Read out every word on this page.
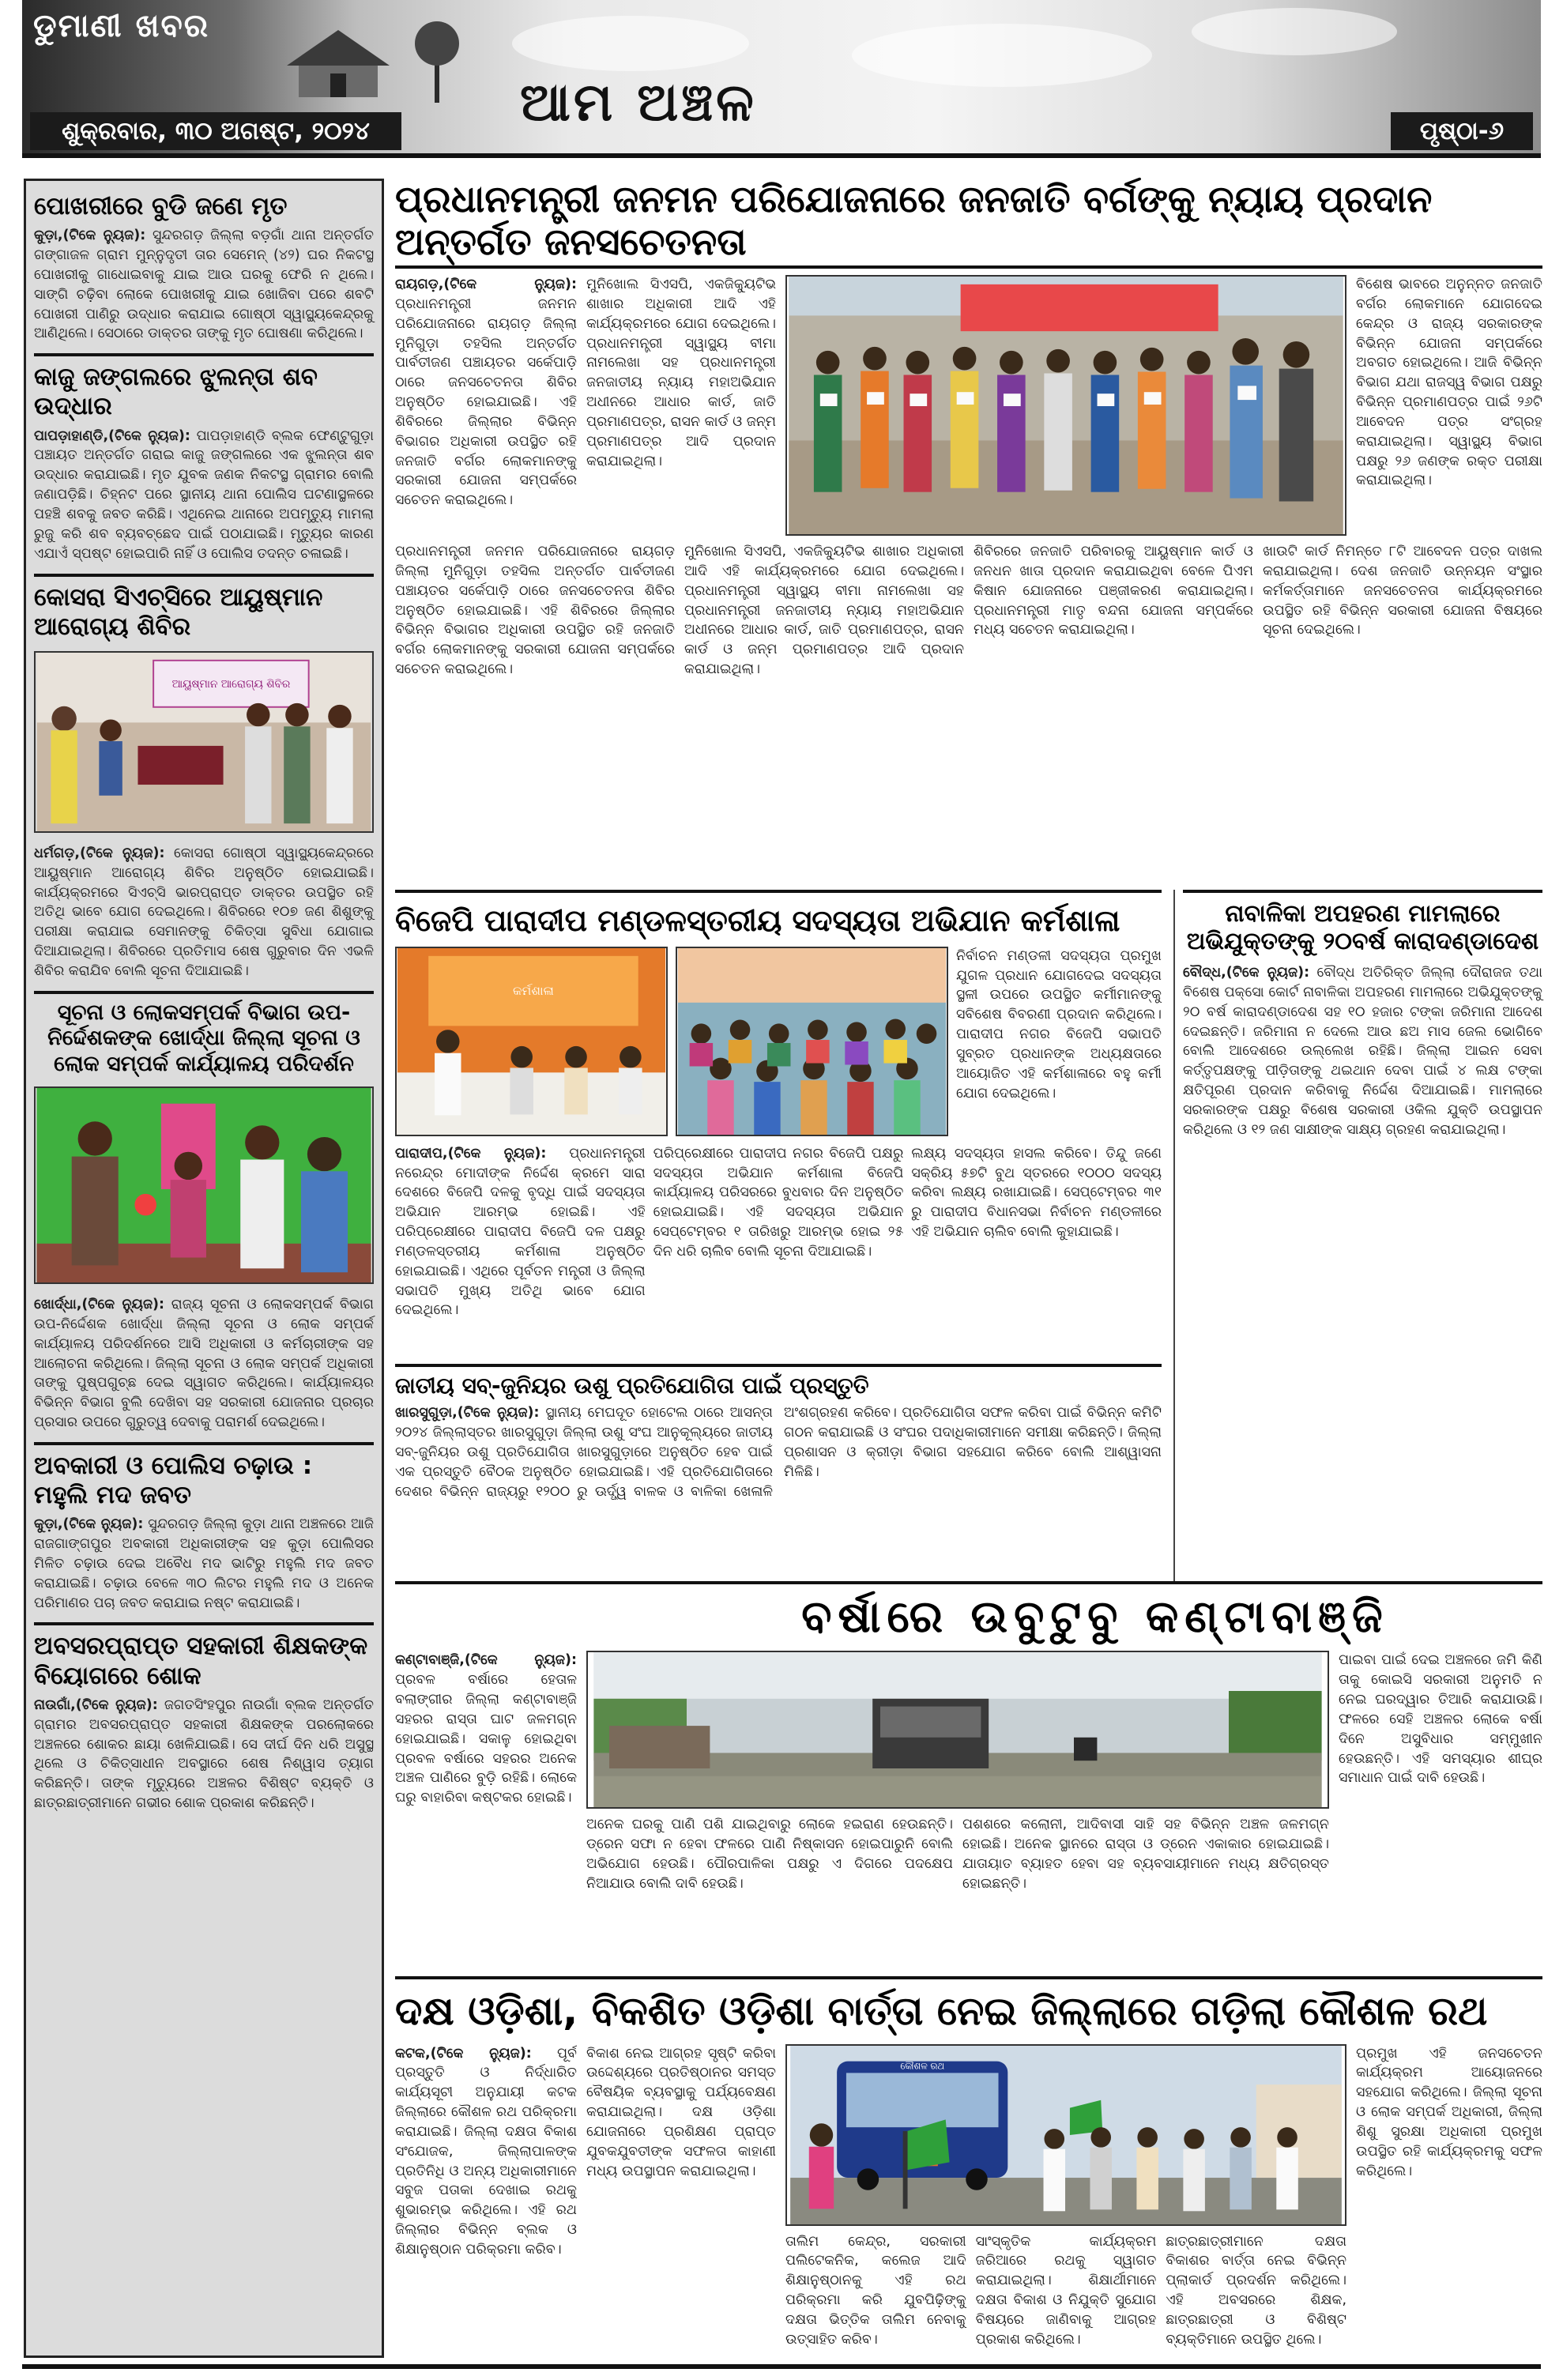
ଡୁମାଣୀ ଖବର
ଶୁକ୍ରବାର, ୩୦ ଅଗଷ୍ଟ, ୨୦୨୪	ଆମ ଅଞ୍ଚଳ	ପୃଷ୍ଠା-୬
ପୋଖରୀରେ ବୁଡି ଜଣେ ମୃତ

କୁଡ଼ା,(ଟିକେ ନ୍ୟୁଜ): ସୁନ୍ଦରଗଡ଼ ଜିଲ୍ଲା ବଡ଼ଗାଁ ଥାନା ଅନ୍ତର୍ଗତ ଗଙ୍ଗାଜଳ ଗ୍ରାମ ମୁନ୍ନୁଦୃତୀ ତାର ସେମେନ୍ (୪୨) ଘର ନିକଟସ୍ଥ ପୋଖରୀକୁ ଗାଧୋଇବାକୁ ଯାଇ ଆଉ ଘରକୁ ଫେରି ନ ଥିଲେ। ସାଙ୍ଗି ଚଢ଼ିବା ଲୋକେ ପୋଖରୀକୁ ଯାଇ ଖୋଜିବା ପରେ ଶବଟି ପୋଖରୀ ପାଣିରୁ ଉଦ୍ଧାର କରାଯାଇ ଗୋଷ୍ଠୀ ସ୍ୱାସ୍ଥ୍ୟକେନ୍ଦ୍ରକୁ ଆଣିଥିଲେ। ସେଠାରେ ଡାକ୍ତର ତାଙ୍କୁ ମୃତ ଘୋଷଣା କରିଥିଲେ।

କାଜୁ ଜଙ୍ଗଲରେ ଝୁଲନ୍ତା ଶବ ଉଦ୍ଧାର

ପାପଡ଼ାହାଣ୍ଡି,(ଟିକେ ନ୍ୟୁଜ): ପାପଡ଼ାହାଣ୍ଡି ବ୍ଲକ ଫେଣ୍ଟୁଗୁଡ଼ା ପଞ୍ଚାୟତ ଅନ୍ତର୍ଗତ ଗରାଇ କାଜୁ ଜଙ୍ଗଲରେ ଏକ ଝୁଲନ୍ତା ଶବ ଉଦ୍ଧାର କରାଯାଇଛି। ମୃତ ଯୁବକ ଜଣକ ନିକଟସ୍ଥ ଗ୍ରାମର ବୋଲି ଜଣାପଡ଼ିଛି। ଚିହ୍ନଟ ପରେ ସ୍ଥାନୀୟ ଥାନା ପୋଲିସ ଘଟଣାସ୍ଥଳରେ ପହଞ୍ଚି ଶବକୁ ଜବତ କରିଛି। ଏଥିନେଇ ଥାନାରେ ଅପମୃତ୍ୟୁ ମାମଲା ରୁଜୁ କରି ଶବ ବ୍ୟବଚ୍ଛେଦ ପାଇଁ ପଠାଯାଇଛି। ମୃତ୍ୟୁର କାରଣ ଏଯାଏଁ ସ୍ପଷ୍ଟ ହୋଇପାରି ନାହିଁ ଓ ପୋଲିସ ତଦନ୍ତ ଚଳାଇଛି।

କୋସରା ସିଏଚ୍‌ସିରେ ଆୟୁଷ୍ମାନ ଆରୋଗ୍ୟ ଶିବିର
ଆୟୁଷ୍ମାନ ଆରୋଗ୍ୟ ଶିବିର

ଧର୍ମଗଡ଼,(ଟିକେ ନ୍ୟୁଜ): କୋସରା ଗୋଷ୍ଠୀ ସ୍ୱାସ୍ଥ୍ୟକେନ୍ଦ୍ରରେ ଆୟୁଷ୍ମାନ ଆରୋଗ୍ୟ ଶିବିର ଅନୁଷ୍ଠିତ ହୋଇଯାଇଛି। କାର୍ଯ୍ୟକ୍ରମରେ ସିଏଚ୍‌ସି ଭାରପ୍ରାପ୍ତ ଡାକ୍ତର ଉପସ୍ଥିତ ରହି ଅତିଥି ଭାବେ ଯୋଗ ଦେଇଥିଲେ। ଶିବିରରେ ୧୦୭ ଜଣ ଶିଶୁଙ୍କୁ ପରୀକ୍ଷା କରାଯାଇ ସେମାନଙ୍କୁ ଚିକିତ୍ସା ସୁବିଧା ଯୋଗାଇ ଦିଆଯାଇଥିଲା। ଶିବିରରେ ପ୍ରତିମାସ ଶେଷ ଗୁରୁବାର ଦିନ ଏଭଳି ଶିବିର କରାଯିବ ବୋଲି ସୂଚନା ଦିଆଯାଇଛି।

ସୂଚନା ଓ ଲୋକସମ୍ପର୍କ ବିଭାଗ ଉପ-ନିର୍ଦ୍ଦେଶକଙ୍କ ଖୋର୍ଦ୍ଧା ଜିଲ୍ଲା ସୂଚନା ଓ ଲୋକ ସମ୍ପର୍କ କାର୍ଯ୍ୟାଳୟ ପରିଦର୍ଶନ

ଖୋର୍ଦ୍ଧା,(ଟିକେ ନ୍ୟୁଜ): ରାଜ୍ୟ ସୂଚନା ଓ ଲୋକସମ୍ପର୍କ ବିଭାଗ ଉପ-ନିର୍ଦ୍ଦେଶକ ଖୋର୍ଦ୍ଧା ଜିଲ୍ଲା ସୂଚନା ଓ ଲୋକ ସମ୍ପର୍କ କାର୍ଯ୍ୟାଳୟ ପରିଦର୍ଶନରେ ଆସି ଅଧିକାରୀ ଓ କର୍ମଚାରୀଙ୍କ ସହ ଆଲୋଚନା କରିଥିଲେ। ଜିଲ୍ଲା ସୂଚନା ଓ ଲୋକ ସମ୍ପର୍କ ଅଧିକାରୀ ତାଙ୍କୁ ପୁଷ୍ପଗୁଚ୍ଛ ଦେଇ ସ୍ୱାଗତ କରିଥିଲେ। କାର୍ଯ୍ୟାଳୟର ବିଭିନ୍ନ ବିଭାଗ ବୁଲି ଦେଖିବା ସହ ସରକାରୀ ଯୋଜନାର ପ୍ରଚାର ପ୍ରସାର ଉପରେ ଗୁରୁତ୍ୱ ଦେବାକୁ ପରାମର୍ଶ ଦେଇଥିଲେ।

ଅବକାରୀ ଓ ପୋଲିସ ଚଢ଼ାଉ : ମହୁଲି ମଦ ଜବତ

କୁଡ଼ା,(ଟିକେ ନ୍ୟୁଜ): ସୁନ୍ଦରଗଡ଼ ଜିଲ୍ଲା କୁଡ଼ା ଥାନା ଅଞ୍ଚଳରେ ଆଜି ରାଜଗାଙ୍ଗପୁର ଅବକାରୀ ଅଧିକାରୀଙ୍କ ସହ କୁଡ଼ା ପୋଲିସର ମିଳିତ ଚଢ଼ାଉ ଦେଇ ଅବୈଧ ମଦ ଭାଟିରୁ ମହୁଲି ମଦ ଜବତ କରାଯାଇଛି। ଚଢ଼ାଉ ବେଳେ ୩୦ ଲିଟର ମହୁଲି ମଦ ଓ ଅନେକ ପରିମାଣର ପଚା ଜବତ କରାଯାଇ ନଷ୍ଟ କରାଯାଇଛି।

ଅବସରପ୍ରାପ୍ତ ସହକାରୀ ଶିକ୍ଷକଙ୍କ ବିୟୋଗରେ ଶୋକ

ନାଉଗାଁ,(ଟିକେ ନ୍ୟୁଜ): ଜଗତସିଂହପୁର ନାଉଗାଁ ବ୍ଲକ ଅନ୍ତର୍ଗତ ଗ୍ରାମର ଅବସରପ୍ରାପ୍ତ ସହକାରୀ ଶିକ୍ଷକଙ୍କ ପରଲୋକରେ ଅଞ୍ଚଳରେ ଶୋକର ଛାୟା ଖେଳିଯାଇଛି। ସେ ଦୀର୍ଘ ଦିନ ଧରି ଅସୁସ୍ଥ ଥିଲେ ଓ ଚିକିତ୍ସାଧୀନ ଅବସ୍ଥାରେ ଶେଷ ନିଶ୍ୱାସ ତ୍ୟାଗ କରିଛନ୍ତି। ତାଙ୍କ ମୃତ୍ୟୁରେ ଅଞ୍ଚଳର ବିଶିଷ୍ଟ ବ୍ୟକ୍ତି ଓ ଛାତ୍ରଛାତ୍ରୀମାନେ ଗଭୀର ଶୋକ ପ୍ରକାଶ କରିଛନ୍ତି।

ପ୍ରଧାନମନ୍ତ୍ରୀ ଜନମନ ପରିଯୋଜନାରେ ଜନଜାତି ବର୍ଗଙ୍କୁ ନ୍ୟାୟ ପ୍ରଦାନ ଅନ୍ତର୍ଗତ ଜନସଚେତନତା

ରାୟଗଡ଼,(ଟିକେ ନ୍ୟୁଜ): ପ୍ରଧାନମନ୍ତ୍ରୀ ଜନମନ ପରିଯୋଜନାରେ ରାୟଗଡ଼ ଜିଲ୍ଲା ମୁନିଗୁଡ଼ା ତହସିଲ ଅନ୍ତର୍ଗତ ପାର୍ବତୀଜଣ ପଞ୍ଚାୟତର ସର୍କେପାଡ଼ି ଠାରେ ଜନସଚେତନତା ଶିବିର ଅନୁଷ୍ଠିତ ହୋଇଯାଇଛି। ଏହି ଶିବିରରେ ଜିଲ୍ଲାର ବିଭିନ୍ନ ବିଭାଗର ଅଧିକାରୀ ଉପସ୍ଥିତ ରହି ଜନଜାତି ବର୍ଗର ଲୋକମାନଙ୍କୁ ସରକାରୀ ଯୋଜନା ସମ୍ପର୍କରେ ସଚେତନ କରାଇଥିଲେ।

ମୁନିଖୋଲ ସିଏସପି, ଏକଜିକ୍ୟୁଟିଭ ଶାଖାର ଅଧିକାରୀ ଆଦି ଏହି କାର୍ଯ୍ୟକ୍ରମରେ ଯୋଗ ଦେଇଥିଲେ। ପ୍ରଧାନମନ୍ତ୍ରୀ ସ୍ୱାସ୍ଥ୍ୟ ବୀମା ନାମଲେଖା ସହ ପ୍ରଧାନମନ୍ତ୍ରୀ ଜନଜାତୀୟ ନ୍ୟାୟ ମହାଅଭିଯାନ ଅଧୀନରେ ଆଧାର କାର୍ଡ, ଜାତି ପ୍ରମାଣପତ୍ର, ରାସନ କାର୍ଡ ଓ ଜନ୍ମ ପ୍ରମାଣପତ୍ର ଆଦି ପ୍ରଦାନ କରାଯାଇଥିଲା।

ବିଶେଷ ଭାବରେ ଅନୁନ୍ନତ ଜନଜାତି ବର୍ଗର ଲୋକମାନେ ଯୋଗଦେଇ କେନ୍ଦ୍ର ଓ ରାଜ୍ୟ ସରକାରଙ୍କ ବିଭିନ୍ନ ଯୋଜନା ସମ୍ପର୍କରେ ଅବଗତ ହୋଇଥିଲେ। ଆଜି ବିଭିନ୍ନ ବିଭାଗ ଯଥା ରାଜସ୍ୱ ବିଭାଗ ପକ୍ଷରୁ ବିଭିନ୍ନ ପ୍ରମାଣପତ୍ର ପାଇଁ ୨୬ଟି ଆବେଦନ ପତ୍ର ସଂଗ୍ରହ କରାଯାଇଥିଲା। ସ୍ୱାସ୍ଥ୍ୟ ବିଭାଗ ପକ୍ଷରୁ ୨୬ ଜଣଙ୍କ ରକ୍ତ ପରୀକ୍ଷା କରାଯାଇଥିଲା।

ପ୍ରଧାନମନ୍ତ୍ରୀ ଜନମନ ପରିଯୋଜନାରେ ରାୟଗଡ଼ ଜିଲ୍ଲା ମୁନିଗୁଡ଼ା ତହସିଲ ଅନ୍ତର୍ଗତ ପାର୍ବତୀଜଣ ପଞ୍ଚାୟତର ସର୍କେପାଡ଼ି ଠାରେ ଜନସଚେତନତା ଶିବିର ଅନୁଷ୍ଠିତ ହୋଇଯାଇଛି। ଏହି ଶିବିରରେ ଜିଲ୍ଲାର ବିଭିନ୍ନ ବିଭାଗର ଅଧିକାରୀ ଉପସ୍ଥିତ ରହି ଜନଜାତି ବର୍ଗର ଲୋକମାନଙ୍କୁ ସରକାରୀ ଯୋଜନା ସମ୍ପର୍କରେ ସଚେତନ କରାଇଥିଲେ।

ମୁନିଖୋଲ ସିଏସପି, ଏକଜିକ୍ୟୁଟିଭ ଶାଖାର ଅଧିକାରୀ ଆଦି ଏହି କାର୍ଯ୍ୟକ୍ରମରେ ଯୋଗ ଦେଇଥିଲେ। ପ୍ରଧାନମନ୍ତ୍ରୀ ସ୍ୱାସ୍ଥ୍ୟ ବୀମା ନାମଲେଖା ସହ ପ୍ରଧାନମନ୍ତ୍ରୀ ଜନଜାତୀୟ ନ୍ୟାୟ ମହାଅଭିଯାନ ଅଧୀନରେ ଆଧାର କାର୍ଡ, ଜାତି ପ୍ରମାଣପତ୍ର, ରାସନ କାର୍ଡ ଓ ଜନ୍ମ ପ୍ରମାଣପତ୍ର ଆଦି ପ୍ରଦାନ କରାଯାଇଥିଲା।

ଶିବିରରେ ଜନଜାତି ପରିବାରକୁ ଆୟୁଷ୍ମାନ କାର୍ଡ ଓ ଜନଧନ ଖାତା ପ୍ରଦାନ କରାଯାଇଥିବା ବେଳେ ପିଏମ କିଷାନ ଯୋଜନାରେ ପଞ୍ଜୀକରଣ କରାଯାଇଥିଲା। ପ୍ରଧାନମନ୍ତ୍ରୀ ମାତୃ ବନ୍ଦନା ଯୋଜନା ସମ୍ପର୍କରେ ମଧ୍ୟ ସଚେତନ କରାଯାଇଥିଲା।

ଖାଉଟି କାର୍ଡ ନିମନ୍ତେ ୮ଟି ଆବେଦନ ପତ୍ର ଦାଖଲ କରାଯାଇଥିଲା। ଦେଶ ଜନଜାତି ଉନ୍ନୟନ ସଂସ୍ଥାର କର୍ମକର୍ତ୍ତାମାନେ ଜନସଚେତନତା କାର୍ଯ୍ୟକ୍ରମରେ ଉପସ୍ଥିତ ରହି ବିଭିନ୍ନ ସରକାରୀ ଯୋଜନା ବିଷୟରେ ସୂଚନା ଦେଇଥିଲେ।

ବିଜେପି ପାରାଦୀପ ମଣ୍ଡଳସ୍ତରୀୟ ସଦସ୍ୟତା ଅଭିଯାନ କର୍ମଶାଳା
କର୍ମଶାଳା

ନିର୍ବାଚନ ମଣ୍ଡଳୀ ସଦସ୍ୟତା ପ୍ରମୁଖ ଯୁଗଳ ପ୍ରଧାନ ଯୋଗଦେଇ ସଦସ୍ୟତା ସ୍ଥଳୀ ଉପରେ ଉପସ୍ଥିତ କର୍ମୀମାନଙ୍କୁ ସବିଶେଷ ବିବରଣୀ ପ୍ରଦାନ କରିଥିଲେ। ପାରାଦୀପ ନଗର ବିଜେପି ସଭାପତି ସୁବ୍ରତ ପ୍ରଧାନଙ୍କ ଅଧ୍ୟକ୍ଷତାରେ ଆୟୋଜିତ ଏହି କର୍ମଶାଳାରେ ବହୁ କର୍ମୀ ଯୋଗ ଦେଇଥିଲେ।

ପାରାଦୀପ,(ଟିକେ ନ୍ୟୁଜ): ପ୍ରଧାନମନ୍ତ୍ରୀ ନରେନ୍ଦ୍ର ମୋଦୀଙ୍କ ନିର୍ଦ୍ଦେଶ କ୍ରମେ ସାରା ଦେଶରେ ବିଜେପି ଦଳକୁ ବୃଦ୍ଧି ପାଇଁ ସଦସ୍ୟତା ଅଭିଯାନ ଆରମ୍ଭ ହୋଇଛି। ଏହି ପରିପ୍ରେକ୍ଷୀରେ ପାରାଦୀପ ବିଜେପି ଦଳ ପକ୍ଷରୁ ମଣ୍ଡଳସ୍ତରୀୟ କର୍ମଶାଳା ଅନୁଷ୍ଠିତ ହୋଇଯାଇଛି। ଏଥିରେ ପୂର୍ବତନ ମନ୍ତ୍ରୀ ଓ ଜିଲ୍ଲା ସଭାପତି ମୁଖ୍ୟ ଅତିଥି ଭାବେ ଯୋଗ ଦେଇଥିଲେ।

ପରିପ୍ରେକ୍ଷୀରେ ପାରାଦୀପ ନଗର ବିଜେପି ପକ୍ଷରୁ ସଦସ୍ୟତା ଅଭିଯାନ କର୍ମଶାଳା ବିଜେପି କାର୍ଯ୍ୟାଳୟ ପରିସରରେ ବୁଧବାର ଦିନ ଅନୁଷ୍ଠିତ ହୋଇଯାଇଛି। ଏହି ସଦସ୍ୟତା ଅଭିଯାନ ସେପ୍ଟେମ୍ବର ୧ ତାରିଖରୁ ଆରମ୍ଭ ହୋଇ ୨୫ ଦିନ ଧରି ଚାଲିବ ବୋଲି ସୂଚନା ଦିଆଯାଇଛି।

ଲକ୍ଷ୍ୟ ସଦସ୍ୟତା ହାସଲ କରିବେ। ତିନ୍ଦୁ ଜଣେ ସକ୍ରିୟ ୫୭ଟି ବୁଥ ସ୍ତରରେ ୧୦୦୦ ସଦସ୍ୟ କରିବା ଲକ୍ଷ୍ୟ ରଖାଯାଇଛି। ସେପ୍ଟେମ୍ବର ୩୧ ରୁ ପାରାଦୀପ ବିଧାନସଭା ନିର୍ବାଚନ ମଣ୍ଡଳୀରେ ଏହି ଅଭିଯାନ ଚାଲିବ ବୋଲି କୁହାଯାଇଛି।

ନାବାଳିକା ଅପହରଣ ମାମଲାରେ ଅଭିଯୁକ୍ତଙ୍କୁ ୨୦ବର୍ଷ କାରାଦଣ୍ଡାଦେଶ

ବୌଦ୍ଧ,(ଟିକେ ନ୍ୟୁଜ): ବୌଦ୍ଧ ଅତିରିକ୍ତ ଜିଲ୍ଲା ଦୌରାଜଜ ତଥା ବିଶେଷ ପକ୍ସୋ କୋର୍ଟ ନାବାଳିକା ଅପହରଣ ମାମଲାରେ ଅଭିଯୁକ୍ତଙ୍କୁ ୨୦ ବର୍ଷ କାରାଦଣ୍ଡାଦେଶ ସହ ୧୦ ହଜାର ଟଙ୍କା ଜରିମାନା ଆଦେଶ ଦେଇଛନ୍ତି। ଜରିମାନା ନ ଦେଲେ ଆଉ ଛଅ ମାସ ଜେଲ ଭୋଗିବେ ବୋଲି ଆଦେଶରେ ଉଲ୍ଲେଖ ରହିଛି। ଜିଲ୍ଲା ଆଇନ ସେବା କର୍ତ୍ତୃପକ୍ଷଙ୍କୁ ପୀଡ଼ିତାଙ୍କୁ ଥଇଥାନ ଦେବା ପାଇଁ ୪ ଲକ୍ଷ ଟଙ୍କା କ୍ଷତିପୂରଣ ପ୍ରଦାନ କରିବାକୁ ନିର୍ଦ୍ଦେଶ ଦିଆଯାଇଛି। ମାମଲାରେ ସରକାରଙ୍କ ପକ୍ଷରୁ ବିଶେଷ ସରକାରୀ ଓକିଲ ଯୁକ୍ତି ଉପସ୍ଥାପନ କରିଥିଲେ ଓ ୧୨ ଜଣ ସାକ୍ଷୀଙ୍କ ସାକ୍ଷ୍ୟ ଗ୍ରହଣ କରାଯାଇଥିଲା।

ଜାତୀୟ ସବ୍-ଜୁନିୟର ଉଶୁ ପ୍ରତିଯୋଗିତା ପାଇଁ ପ୍ରସ୍ତୁତି

ଖାରସୁଗୁଡ଼ା,(ଟିକେ ନ୍ୟୁଜ): ସ୍ଥାନୀୟ ମେଘଦୂତ ହୋଟେଲ ଠାରେ ଆସନ୍ତା ୨୦୨୪ ଜିଲ୍ଲାସ୍ତର ଖାରସୁଗୁଡ଼ା ଜିଲ୍ଲା ଉଶୁ ସଂଘ ଆନୁକୂଲ୍ୟରେ ଜାତୀୟ ସବ୍-ଜୁନିୟର ଉଶୁ ପ୍ରତିଯୋଗିତା ଖାରସୁଗୁଡ଼ାରେ ଅନୁଷ୍ଠିତ ହେବ ପାଇଁ ଏକ ପ୍ରସ୍ତୁତି ବୈଠକ ଅନୁଷ୍ଠିତ ହୋଇଯାଇଛି। ଏହି ପ୍ରତିଯୋଗିତାରେ ଦେଶର ବିଭିନ୍ନ ରାଜ୍ୟରୁ ୧୨୦୦ ରୁ ଊର୍ଦ୍ଧ୍ୱ ବାଳକ ଓ ବାଳିକା ଖେଳାଳି ଅଂଶଗ୍ରହଣ କରିବେ। ପ୍ରତିଯୋଗିତା ସଫଳ କରିବା ପାଇଁ ବିଭିନ୍ନ କମିଟି ଗଠନ କରାଯାଇଛି ଓ ସଂଘର ପଦାଧିକାରୀମାନେ ସମୀକ୍ଷା କରିଛନ୍ତି। ଜିଲ୍ଲା ପ୍ରଶାସନ ଓ କ୍ରୀଡ଼ା ବିଭାଗ ସହଯୋଗ କରିବେ ବୋଲି ଆଶ୍ୱାସନା ମିଳିଛି।

ବର୍ଷାରେ ଉବୁଟୁବୁ କଣ୍ଟାବାଞ୍ଜି

କଣ୍ଟାବାଞ୍ଜି,(ଟିକେ ନ୍ୟୁଜ): ପ୍ରବଳ ବର୍ଷାରେ ହେତାଳ ବଲାଙ୍ଗୀର ଜିଲ୍ଲା କଣ୍ଟାବାଞ୍ଜି ସହରର ରାସ୍ତା ଘାଟ ଜଳମଗ୍ନ ହୋଇଯାଇଛି। ସକାଳୁ ହୋଇଥିବା ପ୍ରବଳ ବର୍ଷାରେ ସହରର ଅନେକ ଅଞ୍ଚଳ ପାଣିରେ ବୁଡ଼ି ରହିଛି। ଲୋକେ ଘରୁ ବାହାରିବା କଷ୍ଟକର ହୋଇଛି।

ଅନେକ ଘରକୁ ପାଣି ପଶି ଯାଇଥିବାରୁ ଲୋକେ ହଇରାଣ ହେଉଛନ୍ତି। ଡ୍ରେନ ସଫା ନ ହେବା ଫଳରେ ପାଣି ନିଷ୍କାସନ ହୋଇପାରୁନି ବୋଲି ଅଭିଯୋଗ ହେଉଛି। ପୌରପାଳିକା ପକ୍ଷରୁ ଏ ଦିଗରେ ପଦକ୍ଷେପ ନିଆଯାଉ ବୋଲି ଦାବି ହେଉଛି।

ପଶଶରେ କଲୋନୀ, ଆଦିବାସୀ ସାହି ସହ ବିଭିନ୍ନ ଅଞ୍ଚଳ ଜଳମଗ୍ନ ହୋଇଛି। ଅନେକ ସ୍ଥାନରେ ରାସ୍ତା ଓ ଡ୍ରେନ ଏକାକାର ହୋଇଯାଇଛି। ଯାତାୟାତ ବ୍ୟାହତ ହେବା ସହ ବ୍ୟବସାୟୀମାନେ ମଧ୍ୟ କ୍ଷତିଗ୍ରସ୍ତ ହୋଇଛନ୍ତି।

ପାଇବା ପାଇଁ ଦେଇ ଅଞ୍ଚଳରେ ଜମି କିଣି ତାକୁ କୋଇସି ସରକାରୀ ଅନୁମତି ନ ନେଇ ଘରଦ୍ୱାର ତିଆରି କରାଯାଉଛି। ଫଳରେ ସେହି ଅଞ୍ଚଳର ଲୋକେ ବର୍ଷା ଦିନେ ଅସୁବିଧାର ସମ୍ମୁଖୀନ ହେଉଛନ୍ତି। ଏହି ସମସ୍ୟାର ଶୀଘ୍ର ସମାଧାନ ପାଇଁ ଦାବି ହେଉଛି।

ଦକ୍ଷ ଓଡ଼ିଶା, ବିକଶିତ ଓଡ଼ିଶା ବାର୍ତ୍ତା ନେଇ ଜିଲ୍ଲାରେ ଗଡ଼ିଲା କୌଶଳ ରଥ

କଟକ,(ଟିକେ ନ୍ୟୁଜ): ପୂର୍ବ ପ୍ରସ୍ତୁତି ଓ ନିର୍ଦ୍ଧାରିତ କାର୍ଯ୍ୟସୂଚୀ ଅନୁଯାୟୀ କଟକ ଜିଲ୍ଲାରେ କୌଶଳ ରଥ ପରିକ୍ରମା କରାଯାଇଛି। ଜିଲ୍ଲା ଦକ୍ଷତା ବିକାଶ ସଂଯୋଜକ, ଜିଲ୍ଲାପାଳଙ୍କ ପ୍ରତିନିଧି ଓ ଅନ୍ୟ ଅଧିକାରୀମାନେ ସବୁଜ ପତାକା ଦେଖାଇ ରଥକୁ ଶୁଭାରମ୍ଭ କରିଥିଲେ। ଏହି ରଥ ଜିଲ୍ଲାର ବିଭିନ୍ନ ବ୍ଲକ ଓ ଶିକ୍ଷାନୁଷ୍ଠାନ ପରିକ୍ରମା କରିବ।

ବିକାଶ ନେଇ ଆଗ୍ରହ ସୃଷ୍ଟି କରିବା ଉଦ୍ଦେଶ୍ୟରେ ପ୍ରତିଷ୍ଠାନର ସମସ୍ତ ବୈଷୟିକ ବ୍ୟବସ୍ଥାକୁ ପର୍ଯ୍ୟବେକ୍ଷଣ କରାଯାଇଥିଲା। ଦକ୍ଷ ଓଡ଼ିଶା ଯୋଜନାରେ ପ୍ରଶିକ୍ଷଣ ପ୍ରାପ୍ତ ଯୁବକଯୁବତୀଙ୍କ ସଫଳତା କାହାଣୀ ମଧ୍ୟ ଉପସ୍ଥାପନ କରାଯାଇଥିଲା।

କୌଶଳ ରଥ

ତାଲିମ କେନ୍ଦ୍ର, ସରକାରୀ ପଲିଟେକନିକ, କଲେଜ ଆଦି ଶିକ୍ଷାନୁଷ୍ଠାନକୁ ଏହି ରଥ ପରିକ୍ରମା କରି ଯୁବପିଢ଼ିଙ୍କୁ ଦକ୍ଷତା ଭିତ୍ତିକ ତାଲିମ ନେବାକୁ ଉତ୍ସାହିତ କରିବ।

ସାଂସ୍କୃତିକ କାର୍ଯ୍ୟକ୍ରମ ଜରିଆରେ ରଥକୁ ସ୍ୱାଗତ କରାଯାଇଥିଲା। ଶିକ୍ଷାର୍ଥୀମାନେ ଦକ୍ଷତା ବିକାଶ ଓ ନିଯୁକ୍ତି ସୁଯୋଗ ବିଷୟରେ ଜାଣିବାକୁ ଆଗ୍ରହ ପ୍ରକାଶ କରିଥିଲେ।

ଛାତ୍ରଛାତ୍ରୀମାନେ ଦକ୍ଷତା ବିକାଶର ବାର୍ତ୍ତା ନେଇ ବିଭିନ୍ନ ପ୍ଲାକାର୍ଡ ପ୍ରଦର୍ଶନ କରିଥିଲେ। ଏହି ଅବସରରେ ଶିକ୍ଷକ, ଛାତ୍ରଛାତ୍ରୀ ଓ ବିଶିଷ୍ଟ ବ୍ୟକ୍ତିମାନେ ଉପସ୍ଥିତ ଥିଲେ।

ପ୍ରମୁଖ ଏହି ଜନସଚେତନ କାର୍ଯ୍ୟକ୍ରମ ଆୟୋଜନରେ ସହଯୋଗ କରିଥିଲେ। ଜିଲ୍ଲା ସୂଚନା ଓ ଲୋକ ସମ୍ପର୍କ ଅଧିକାରୀ, ଜିଲ୍ଲା ଶିଶୁ ସୁରକ୍ଷା ଅଧିକାରୀ ପ୍ରମୁଖ ଉପସ୍ଥିତ ରହି କାର୍ଯ୍ୟକ୍ରମକୁ ସଫଳ କରିଥିଲେ।
